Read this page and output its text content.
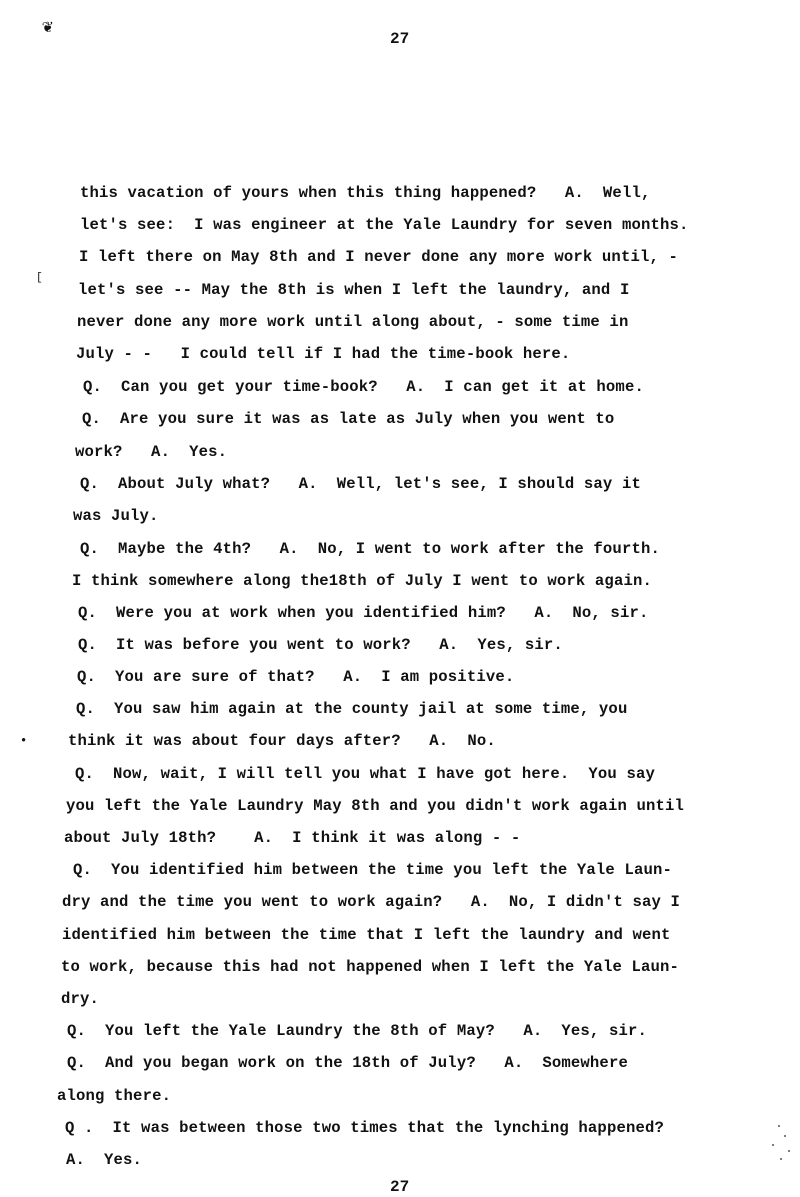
❦
[
•
27
this vacation of yours when this thing happened?   A.  Well,
let's see:  I was engineer at the Yale Laundry for seven months.
I left there on May 8th and I never done any more work until, -
let's see -- May the 8th is when I left the laundry, and I
never done any more work until along about, - some time in
July - -   I could tell if I had the time-book here.
Q.  Can you get your time-book?   A.  I can get it at home.
Q.  Are you sure it was as late as July when you went to
work?   A.  Yes.
Q.  About July what?   A.  Well, let's see, I should say it
was July.
Q.  Maybe the 4th?   A.  No, I went to work after the fourth.
I think somewhere along the18th of July I went to work again.
Q.  Were you at work when you identified him?   A.  No, sir.
Q.  It was before you went to work?   A.  Yes, sir.
Q.  You are sure of that?   A.  I am positive.
Q.  You saw him again at the county jail at some time, you
think it was about four days after?   A.  No.
Q.  Now, wait, I will tell you what I have got here.  You say
you left the Yale Laundry May 8th and you didn't work again until
about July 18th?    A.  I think it was along - -
Q.  You identified him between the time you left the Yale Laun-
dry and the time you went to work again?   A.  No, I didn't say I
identified him between the time that I left the laundry and went
to work, because this had not happened when I left the Yale Laun-
dry.
Q.  You left the Yale Laundry the 8th of May?   A.  Yes, sir.
Q.  And you began work on the 18th of July?   A.  Somewhere
along there.
Q .  It was between those two times that the lynching happened?
A.  Yes.
27
